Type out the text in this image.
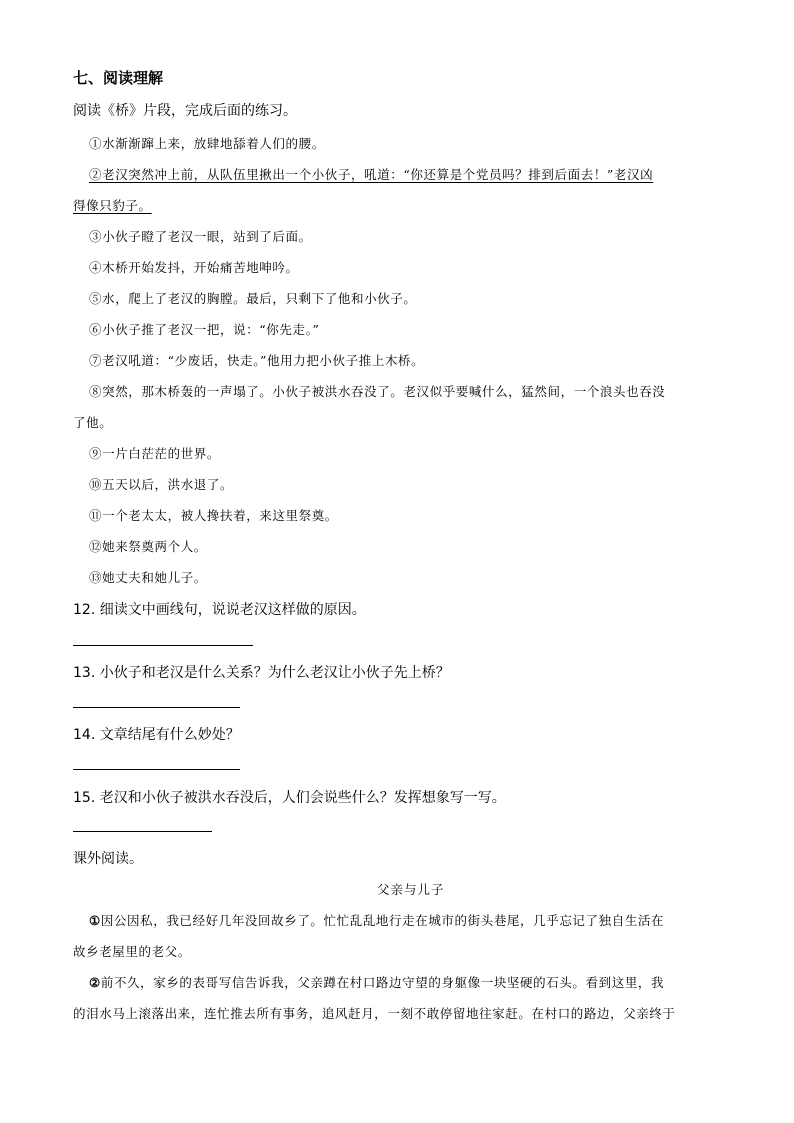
七、阅读理解
阅读《桥》片段，完成后面的练习。
①水渐渐蹿上来，放肆地舔着人们的腰。
②老汉突然冲上前，从队伍里揪出一个小伙子，吼道：“你还算是个党员吗？排到后面去！”老汉凶
得像只豹子。
③小伙子瞪了老汉一眼，站到了后面。
④木桥开始发抖，开始痛苦地呻吟。
⑤水，爬上了老汉的胸膛。最后，只剩下了他和小伙子。
⑥小伙子推了老汉一把，说：“你先走。”
⑦老汉吼道：“少废话，快走。”他用力把小伙子推上木桥。
⑧突然，那木桥轰的一声塌了。小伙子被洪水吞没了。老汉似乎要喊什么，猛然间，一个浪头也吞没
了他。
⑨一片白茫茫的世界。
⑩五天以后，洪水退了。
⑪一个老太太，被人搀扶着，来这里祭奠。
⑫她来祭奠两个人。
⑬她丈夫和她儿子。
12. 细读文中画线句，说说老汉这样做的原因。
13. 小伙子和老汉是什么关系？为什么老汉让小伙子先上桥？
14. 文章结尾有什么妙处？
15. 老汉和小伙子被洪水吞没后，人们会说些什么？发挥想象写一写。
课外阅读。
父亲与儿子
①因公因私，我已经好几年没回故乡了。忙忙乱乱地行走在城市的街头巷尾，几乎忘记了独自生活在
故乡老屋里的老父。
②前不久，家乡的表哥写信告诉我，父亲蹲在村口路边守望的身躯像一块坚硬的石头。看到这里，我
的泪水马上滚落出来，连忙推去所有事务，追风赶月，一刻不敢停留地往家赶。在村口的路边，父亲终于
